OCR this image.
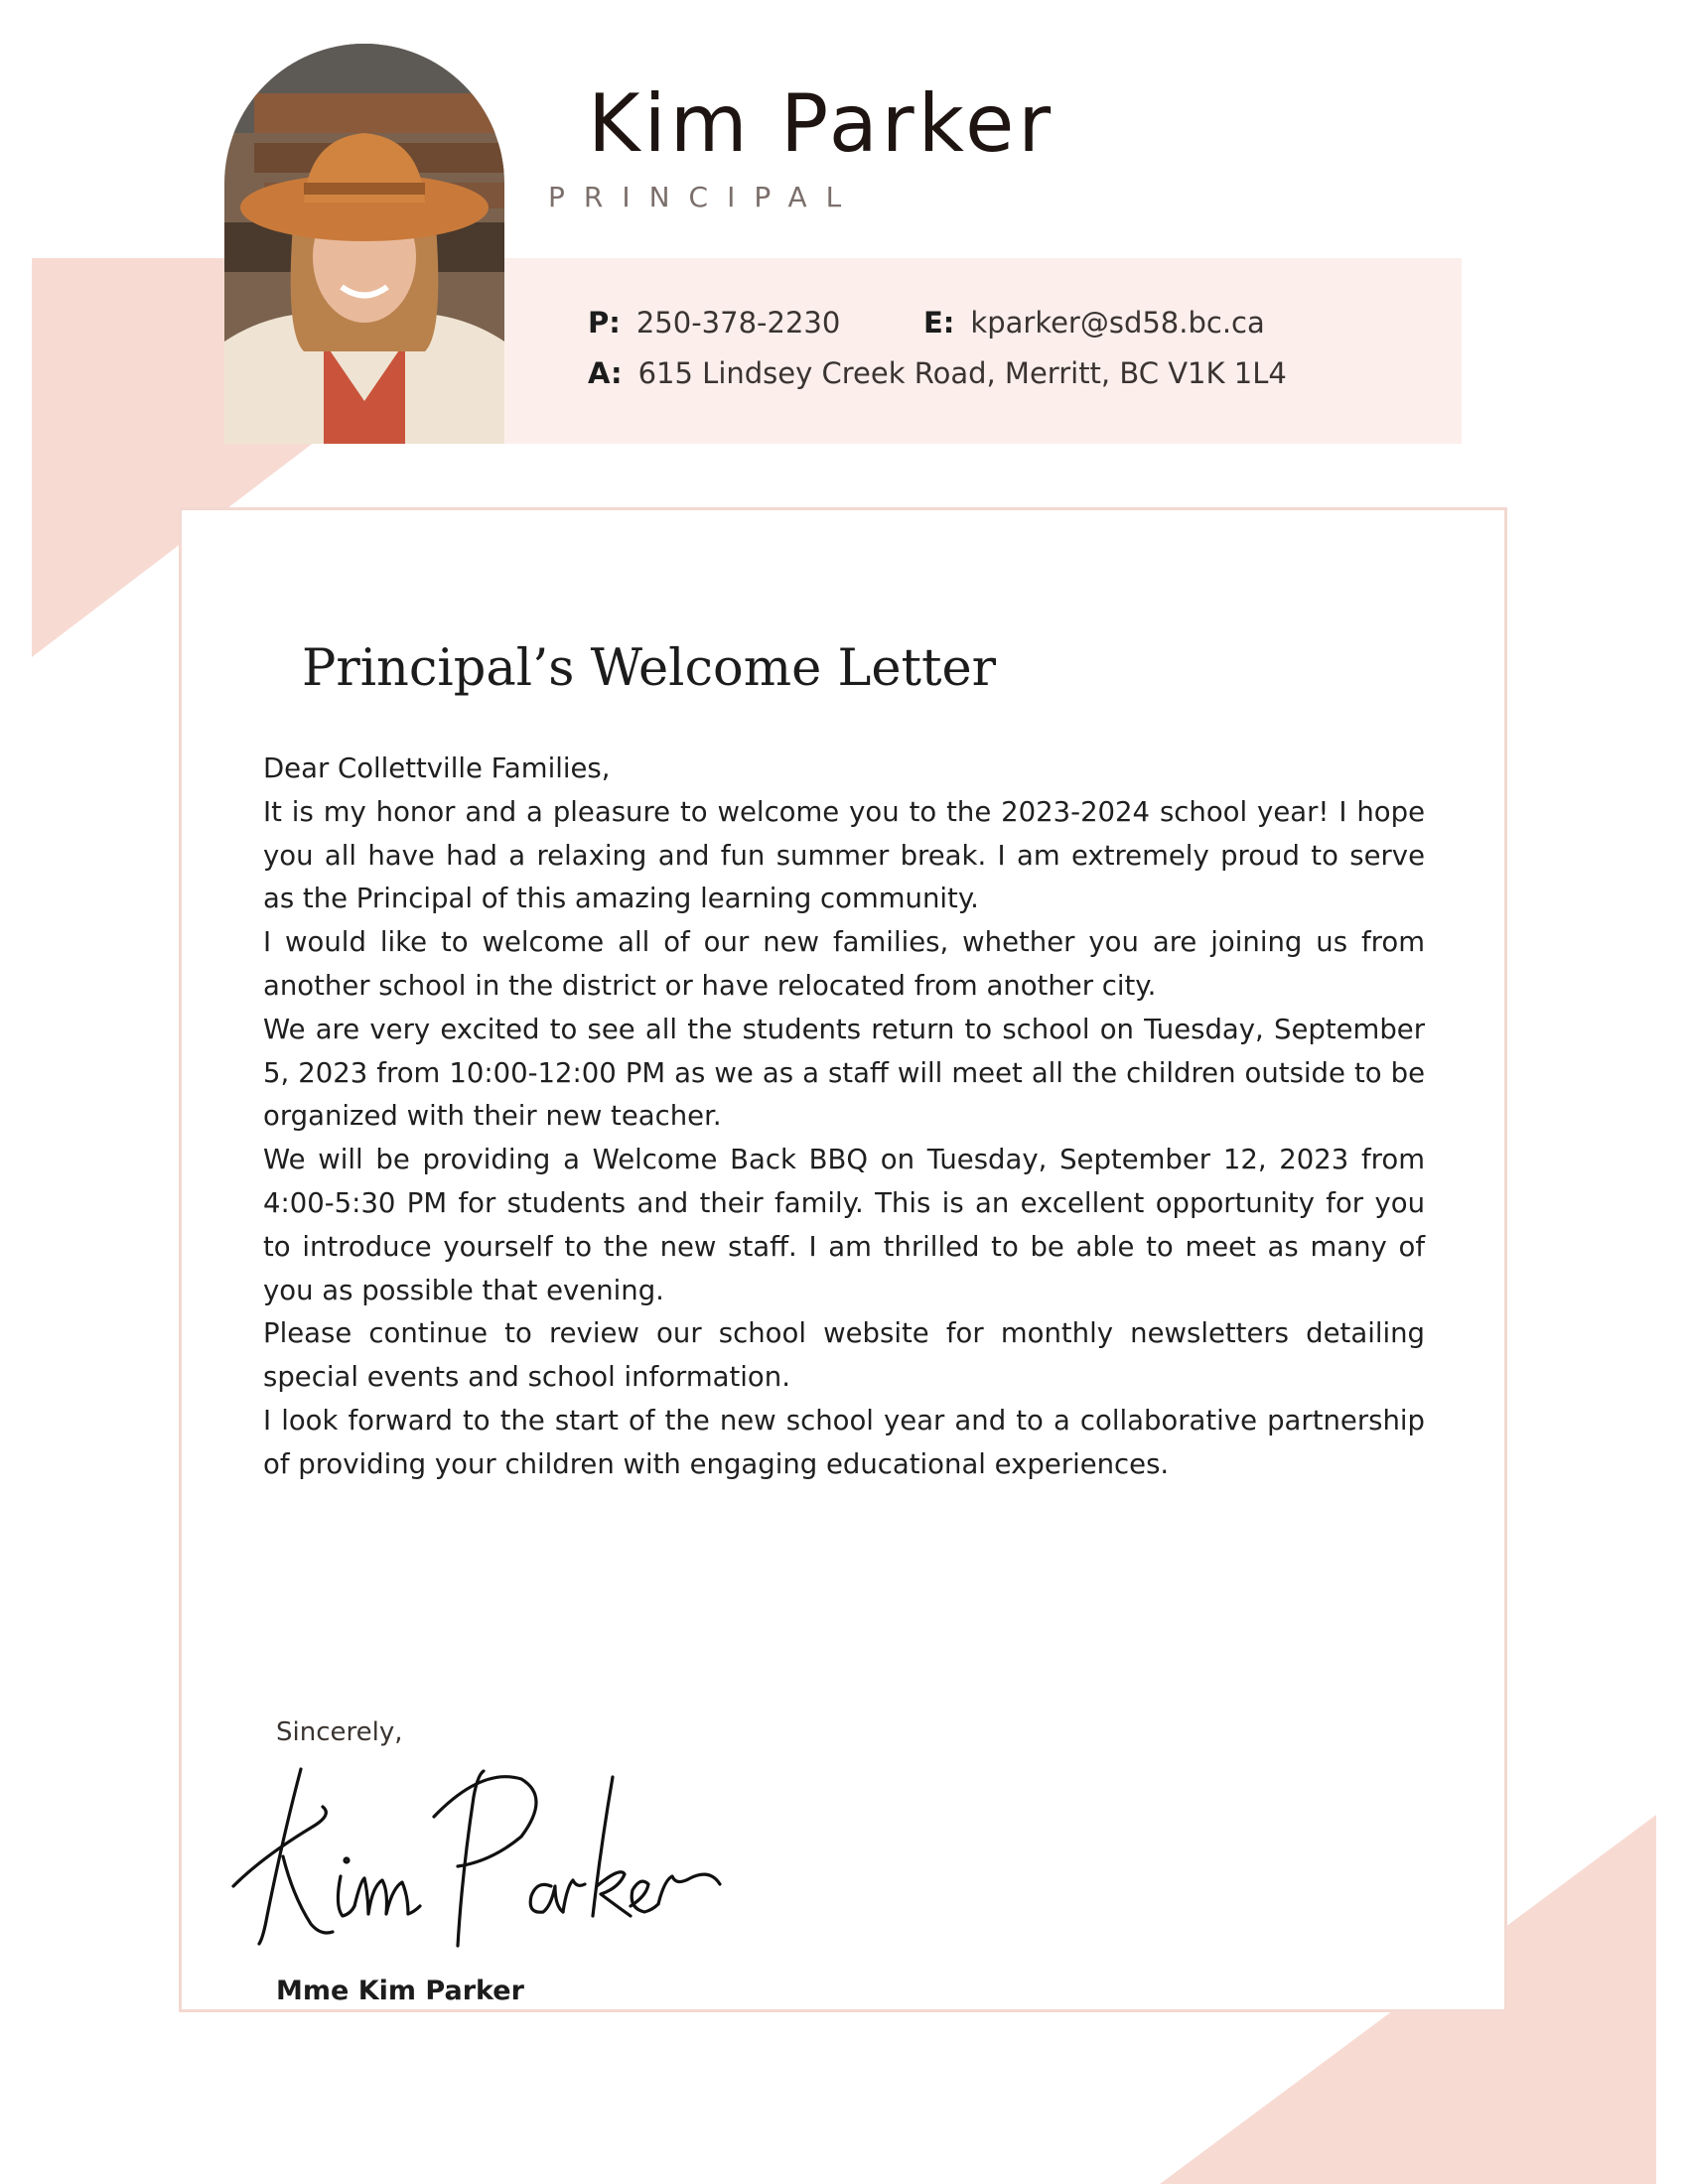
Kim Parker
PRINCIPAL
P: 250-378-2230	E: kparker@sd58.bc.ca
A: 615 Lindsey Creek Road, Merritt, BC V1K 1L4
Principal’s Welcome Letter

Dear Collettville Families,

It is my honor and a pleasure to welcome you to the 2023-2024 school year! I hope you all have had a relaxing and fun summer break. I am extremely proud to serve as the Principal of this amazing learning community.

I would like to welcome all of our new families, whether you are joining us from another school in the district or have relocated from another city.

We are very excited to see all the students return to school on Tuesday, September 5, 2023 from 10:00-12:00 PM as we as a staff will meet all the children outside to be organized with their new teacher.

We will be providing a Welcome Back BBQ on Tuesday, September 12, 2023 from 4:00-5:30 PM for students and their family. This is an excellent opportunity for you to introduce yourself to the new staff. I am thrilled to be able to meet as many of you as possible that evening.

Please continue to review our school website for monthly newsletters detailing special events and school information.

I look forward to the start of the new school year and to a collaborative partnership of providing your children with engaging educational experiences.

Sincerely,
Mme Kim Parker
